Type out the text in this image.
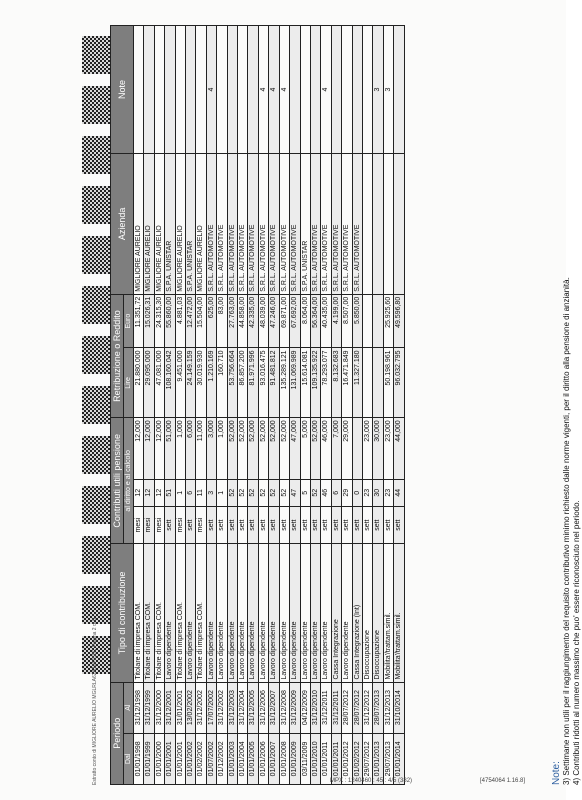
Periodo		Tipo di contribuzione	Contributi utili pensione			Retribuzione o Reddito		Azienda	Note
Dal	Al		al diritto e al calcolo			Lire	Euro		
01/01/1998	31/12/1998	Titolare di impresa COM.	mesi	12	12,000	21.880.000	11.351,72	MIGLIORE AURELIO	
01/01/1999	31/12/1999	Titolare di impresa COM.	mesi	12	12,000	29.095.000	15.026,31	MIGLIORE AURELIO	
01/01/2000	31/12/2000	Titolare di impresa COM.	mesi	12	12,000	47.081.000	24.315,30	MIGLIORE AURELIO	
01/01/2001	31/12/2001	Lavoro dipendente	sett	51	51,000	108.160.042	55.860,00	S.P.A. UNISTAR	
01/01/2001	31/01/2001	Titolare di impresa COM.	mesi	1	1,000	9.451.000	4.881,03	MIGLIORE AURELIO	
01/01/2002	13/02/2002	Lavoro dipendente	sett	6	6,000	24.149.159	12.472,00	S.P.A. UNISTAR	
01/02/2002	31/12/2002	Titolare di impresa COM.	mesi	11	11,000	30.019.930	15.504,00	MIGLIORE AURELIO	
01/07/2002	17/07/2002	Lavoro dipendente	sett	3	3,000	1.210.169	625,00	S.R.L. AUTOMOTIVE	4
01/12/2002	31/12/2002	Lavoro dipendente	sett	1	1,000	160.710	83,00	S.R.L. AUTOMOTIVE	
01/01/2003	31/12/2003	Lavoro dipendente	sett	52	52,000	53.756.664	27.763,00	S.R.L. AUTOMOTIVE	
01/01/2004	31/12/2004	Lavoro dipendente	sett	52	52,000	86.857.200	44.858,00	S.R.L. AUTOMOTIVE	
01/01/2005	31/12/2005	Lavoro dipendente	sett	52	52,000	81.971.996	42.335,00	S.R.L. AUTOMOTIVE	
01/01/2006	31/12/2006	Lavoro dipendente	sett	52	52,000	93.016.475	48.039,00	S.R.L. AUTOMOTIVE	4
01/01/2007	31/12/2007	Lavoro dipendente	sett	52	52,000	91.481.812	47.246,00	S.R.L. AUTOMOTIVE	4
01/01/2008	31/12/2008	Lavoro dipendente	sett	52	52,000	135.289.121	69.871,00	S.R.L. AUTOMOTIVE	4
01/01/2009	31/12/2009	Lavoro dipendente	sett	47	47,000	131.069.989	67.692,00	S.R.L. AUTOMOTIVE	
03/11/2009	04/12/2009	Lavoro dipendente	sett	5	5,000	15.614.081	8.064,00	S.P.A. UNISTAR	
01/01/2010	31/12/2010	Lavoro dipendente	sett	52	52,000	109.135.922	56.364,00	S.R.L. AUTOMOTIVE	
01/01/2011	31/12/2011	Lavoro dipendente	sett	46	46,000	78.293.077	40.435,00	S.R.L. AUTOMOTIVE	4
01/01/2011	31/12/2011	Cassa Integrazione	sett	6	7,000	8.132.683	4.199,00	S.R.L. AUTOMOTIVE	
01/01/2012	28/07/2012	Lavoro dipendente	sett	29	29,000	16.471.849	8.507,00	S.R.L. AUTOMOTIVE	
01/02/2012	28/07/2012	Cassa Integrazione (Int)	sett	0		11.327.180	5.850,00	S.R.L. AUTOMOTIVE	
29/07/2012	31/12/2012	Disoccupazione	sett	23	23,000				
01/01/2013	28/07/2013	Disoccupazione	sett	30	30,000				3
29/07/2013	31/12/2013	Mobilita'/trattam.simil.	sett	23	23,000	50.198.961	25.925,60		3
01/01/2014	31/10/2014	Mobilita'/trattam.simil.	sett	44	44,000	96.032.795	49.596,80		
Note: 3) Settimane non utili per il raggiungimento del requisito contributivo minimo richiesto dalle norme vigenti, per il diritto alla pensione di anzianità. 4) Contributi ridotti al numero massimo che puo' essere riconosciuto nel periodo.
Estratto conto di MIGLIORE AURELIO MGLRLA62A10F158C Pagina 2 di 5	MPX : 1240460 : 45 : 4/5 (382)	[4754064 1.16.8]
